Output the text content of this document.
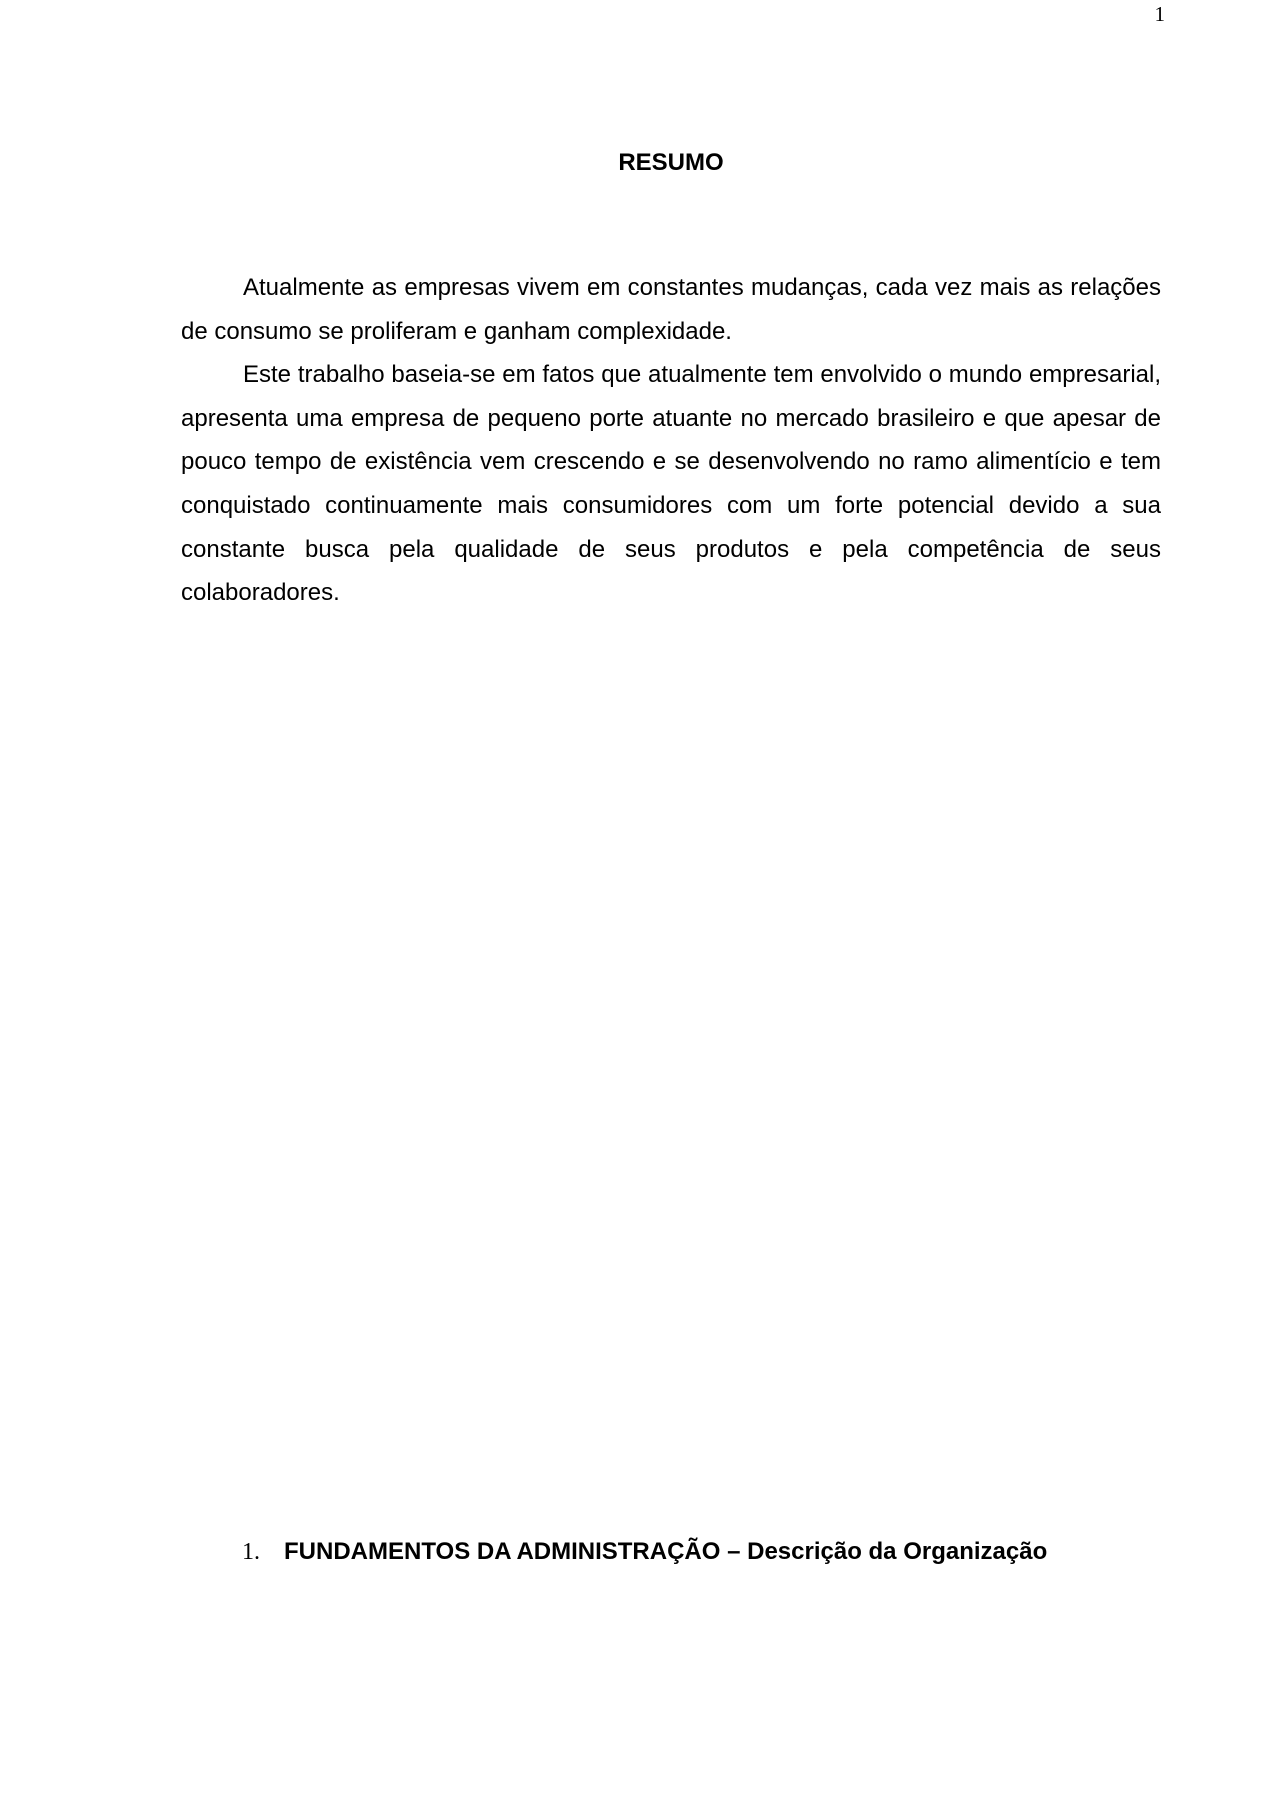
1
RESUMO

Atualmente as empresas vivem em constantes mudanças, cada vez mais as relações de consumo se proliferam e ganham complexidade.

Este trabalho baseia-se em fatos que atualmente tem envolvido o mundo empresarial, apresenta uma empresa de pequeno porte atuante no mercado brasileiro e que apesar de pouco tempo de existência vem crescendo e se desenvolvendo no ramo alimentício e tem conquistado continuamente mais consumidores com um forte potencial devido a sua constante busca pela qualidade de seus produtos e pela competência de seus colaboradores.

1. FUNDAMENTOS DA ADMINISTRAÇÃO – Descrição da Organização
